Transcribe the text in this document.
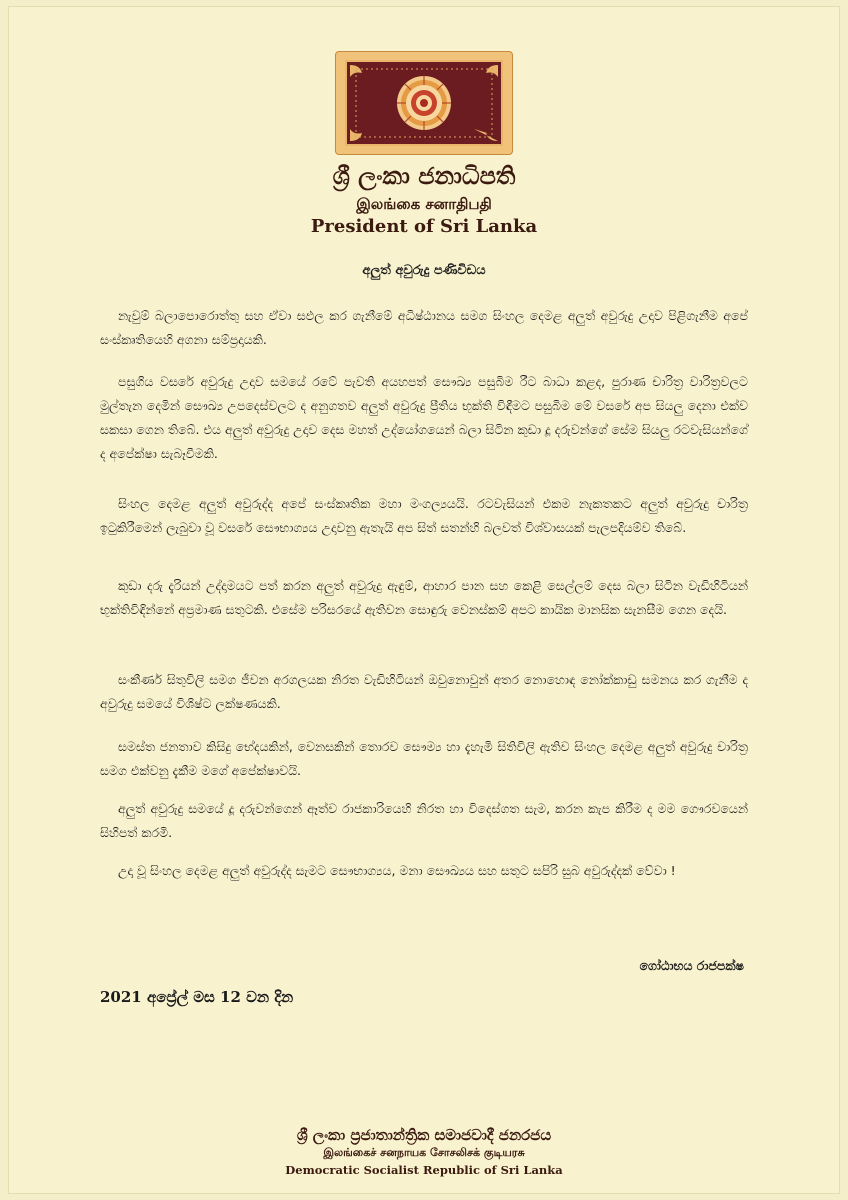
ශ්‍රී ලංකා ජනාධිපති
இலங்கை சனாதிபதி
President of Sri Lanka
අලුත් අවුරුදු පණිවිඩය

නැවුම් බලාපොරොත්තු සහ ඒවා සඵල කර ගැනීමේ අධිෂ්ඨානය සමග සිංහල දෙමළ අලුත් අවුරුදු උදාව පිළිගැනීම අපේ සංස්කෘතියෙහි අගනා සම්ප්‍රදායකි.

පසුගිය වසරේ අවුරුදු උදාව සමයේ රටේ පැවති අයහපත් සෞඛ්‍ය පසුබිම රීට බාධා කළද, පුරාණ චාරිත්‍ර වාරිත්‍රවලට මුල්තැන දෙමින් සෞඛ්‍ය උපදෙස්වලට ද අනුගතව අලුත් අවුරුදු ප්‍රීතිය භුක්ති විඳීමට පසුබිම මේ වසරේ අප සියලු දෙනා එක්ව සකසා ගෙන තිබේ. එය අලුත් අවුරුදු උදාව දෙස මහත් උද්යෝගයෙන් බලා සිටින කුඩා දූ දරුවන්ගේ සේම සියලු රටවැසියන්ගේ ද අපේක්ෂා සැබෑවීමකි.

සිංහල දෙමළ අලුත් අවුරුද්ද අපේ සංස්කෘතික මහා මංගල්‍යයයි. රටවැසියන් එකම නැකතකට අලුත් අවුරුදු චාරිත්‍ර ඉටුකිරීමෙන් ලැබුවා වූ වසරේ සෞභාග්‍යය උදාවනු ඇතැයි අප සිත් සතන්හි බලවත් විශ්වාසයක් පැලපදියම්ව තිබේ.

කුඩා දරු දැරියන් උද්දාමයට පත් කරන අලුත් අවුරුදු ඇඳුම්, ආහාර පාන සහ කෙළි සෙල්ලම් දෙස බලා සිටින වැඩිහිටියන් භුක්තිවිඳින්නේ අප්‍රමාණ සතුටකි. එසේම පරිසරයේ ඇතිවන සොඳුරු වෙනස්කම් අපට කායික මානසික සැනසීම ගෙන දෙයි.

සංකීර්ණ සිතුවිලි සමග ජීවන අරගලයක නිරත වැඩිහිටියන් ඔවුනොවුන් අතර නොහොඳ නෝක්කාඩු සමනය කර ගැනීම ද අවුරුදු සමයේ විශිෂ්ට ලක්ෂණයකි.

සමස්ත ජනතාව කිසිදු භේදයකින්, වෙනසකින් තොරව සෞම්‍ය හා දැහැමි සිතිවිලි ඇතිව සිංහල දෙමළ අලුත් අවුරුදු චාරිත්‍ර සමග එක්වනු දැකීම මගේ අපේක්ෂාවයි.

අලුත් අවුරුදු සමයේ දූ දරුවන්ගෙන් ඈත්ව රාජකාරියෙහි නිරත හා විදෙස්ගත සැම, කරන කැප කිරීම ද මම ගෞරවයෙන් සිහිපත් කරමි.

උදා වූ සිංහල දෙමළ අලුත් අවුරුද්ද සැමට සෞභාග්‍යය, මනා සෞඛ්‍යය සහ සතුට සපිරි සුබ අවුරුද්දක් වේවා !

ගෝඨාභය රාජපක්ෂ
2021 අප්‍රේල් මස 12 වන දින
ශ්‍රී ලංකා ප්‍රජාතාන්ත්‍රික සමාජවාදී ජනරජය
இலங்கைச் சனநாயக சோசலிசக் குடியரசு
Democratic Socialist Republic of Sri Lanka
